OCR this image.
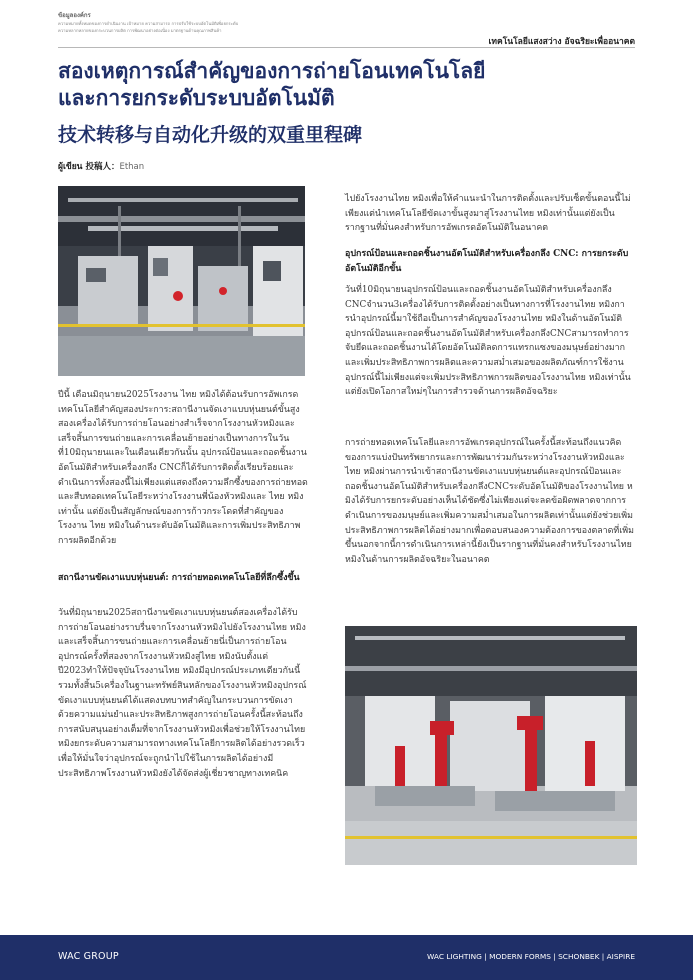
ข้อมูลองค์กร
ความหมายทั้งหมดของการดำเนินงาน เป้าหมาย ความสามารถ การปรับใช้ระบบอัตโนมัติเพื่อยกระดับ
ความหลากหลายของกระบวนการผลิต การพัฒนาอย่างต่อเนื่อง มาตรฐานด้านคุณภาพสินค้า
เทคโนโลยีแสงสว่าง อัจฉริยะเพื่ออนาคต
สองเหตุการณ์สำคัญของการถ่ายโอนเทคโนโลยีและการยกระดับระบบอัตโนมัติ
技术转移与自动化升级的双重里程碑
ผู้เขียน 投稿人：Ethan

ปีนี้ เดือนมิถุนายน2025โรงงาน ไทย หมิงได้ต้อนรับการอัพเกรดเทคโนโลยีสำคัญสองประการ:สถานีงานจัดเงาแบบหุ่นยนต์ขั้นสูงสองเครื่องได้รับการถ่ายโอนอย่างสำเร็จจากโรงงานหัวหมิงและเสร็จสิ้นการขนถ่ายและการเคลื่อนย้ายอย่างเป็นทางการในวันที่10มิถุนายนและในเดือนเดียวกันนั้น อุปกรณ์ป้อนและถอดชิ้นงานอัตโนมัติสำหรับเครื่องกลึง CNCก็ได้รับการติดตั้งเรียบร้อยและดำเนินการทั้งสองนี้ไม่เพียงแต่แสดงถึงความลึกซึ้งของการถ่ายทอดและสืบทอดเทคโนโลยีระหว่างโรงงานพี่น้องหัวหมิงและ ไทย หมิงเท่านั้น แต่ยังเป็นสัญลักษณ์ของการก้าวกระโดดที่สำคัญของโรงงาน ไทย หมิงในด้านระดับอัตโนมัติและการเพิ่มประสิทธิภาพการผลิตอีกด้วย

สถานีงานขัดเงาแบบหุ่นยนต์: การถ่ายทอดเทคโนโลยีที่ลึกซึ้งขึ้น

วันที่มิถุนายน2025สถานีงานขัดเงาแบบหุ่นยนต์สองเครื่องได้รับการถ่ายโอนอย่างราบรื่นจากโรงงานหัวหมิงไปยังโรงงานไทย หมิงและเสร็จสิ้นการขนถ่ายและการเคลื่อนย้ายนี่เป็นการถ่ายโอนอุปกรณ์ครั้งที่สองจากโรงงานหัวหมิงสู่ไทย หมิงนับตั้งแต่ปี2023ทำให้ปัจจุบันโรงงานไทย หมิงมีอุปกรณ์ประเภทเดียวกันนี้รวมทั้งสิ้น5เครื่องในฐานะทรัพย์สินหลักของโรงงานหัวหมิงอุปกรณ์ขัดเงาแบบหุ่นยนต์ได้แสดงบทบาทสำคัญในกระบวนการขัดเงาด้วยความแม่นยำและประสิทธิภาพสูงการถ่ายโอนครั้งนี้สะท้อนถึงการสนับสนุนอย่างเต็มที่จากโรงงานหัวหมิงเพื่อช่วยให้โรงงานไทย หมิงยกระดับความสามารถทางเทคโนโลยีการผลิตได้อย่างรวดเร็วเพื่อให้มั่นใจว่าอุปกรณ์จะถูกนำไปใช้ในการผลิตได้อย่างมีประสิทธิภาพโรงงานหัวหมิงยังได้จัดส่งผู้เชี่ยวชาญทางเทคนิค

ไปยังโรงงานไทย หมิงเพื่อให้คำแนะนำในการติดตั้งและปรับเซ็ตขั้นตอนนี้ไม่เพียงแต่นำเทคโนโลยีขัดเงาขั้นสูงมาสู่โรงงานไทย หมิงเท่านั้นแต่ยังเป็นรากฐานที่มั่นคงสำหรับการอัพเกรดอัตโนมัติในอนาคต

อุปกรณ์ป้อนและถอดชิ้นงานอัตโนมัติสำหรับเครื่องกลึง CNC: การยกระดับอัตโนมัติอีกขั้น

วันที่10มิถุนายนอุปกรณ์ป้อนและถอดชิ้นงานอัตโนมัติสำหรับเครื่องกลึง CNCจำนวน3เครื่องได้รับการติดตั้งอย่างเป็นทางการที่โรงงานไทย หมิงการนำอุปกรณ์นี้มาใช้ถือเป็นการสำคัญของโรงงานไทย หมิงในด้านอัตโนมัติอุปกรณ์ป้อนและถอดชิ้นงานอัตโนมัติสำหรับเครื่องกลึงCNCสามารถทำการจับยึดและถอดชิ้นงานได้โดยอัตโนมัติลดการแทรกแซงของมนุษย์อย่างมากและเพิ่มประสิทธิภาพการผลิตและความสม่ำเสมอของผลิตภัณฑ์การใช้งานอุปกรณ์นี้ไม่เพียงแต่จะเพิ่มประสิทธิภาพการผลิตของโรงงานไทย หมิงเท่านั้นแต่ยังเปิดโอกาสใหม่ๆในการสำรวจด้านการผลิตอัจฉริยะ

การถ่ายทอดเทคโนโลยีและการอัพเกรดอุปกรณ์ในครั้งนี้สะท้อนถึงแนวคิดของการแบ่งปันทรัพยากรและการพัฒนาร่วมกันระหว่างโรงงานหัวหมิงและไทย หมิงผ่านการนำเข้าสถานีงานขัดเงาแบบหุ่นยนต์และอุปกรณ์ป้อนและถอดชิ้นงานอัตโนมัติสำหรับเครื่องกลึงCNCระดับอัตโนมัติของโรงงานไทย หมิงได้รับการยกระดับอย่างเห็นได้ชัดซึ่งไม่เพียงแต่จะลดข้อผิดพลาดจากการดำเนินการของมนุษย์และเพิ่มความสม่ำเสมอในการผลิตเท่านั้นแต่ยังช่วยเพิ่มประสิทธิภาพการผลิตได้อย่างมากเพื่อตอบสนองความต้องการของตลาดที่เพิ่มขึ้นนอกจากนี้การดำเนินการเหล่านี้ยังเป็นรากฐานที่มั่นคงสำหรับโรงงานไทย หมิงในด้านการผลิตอัจฉริยะในอนาคต

WAC GROUP	WAC LIGHTING | MODERN FORMS | SCHONBEK | AISPIRE
